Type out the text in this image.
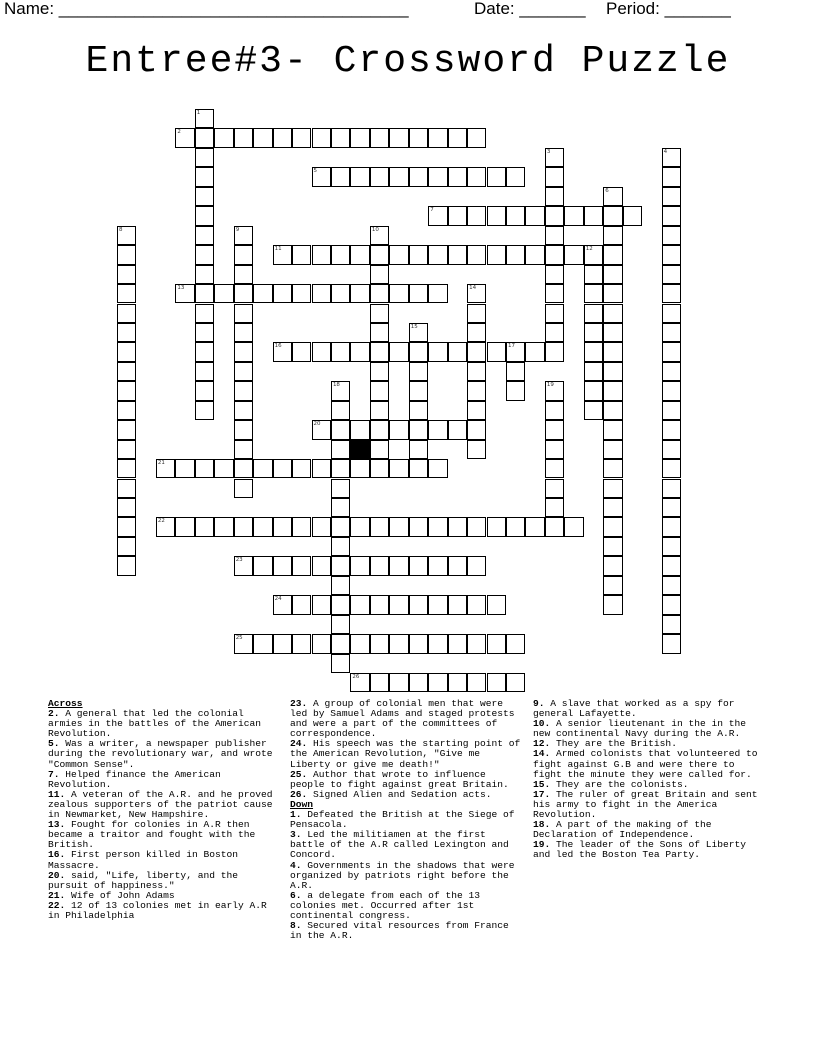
Name: _____________________________________	Date: _______ Period: _______
Entree#3- Crossword Puzzle
1
2
3	4
5
6
7
8	9	10
11	12
13	14
15
16	17
18	19
20
21
22
23
24
25
26

Across

2. A general that led the colonial armies in the battles of the American Revolution.

5. Was a writer, a newspaper publisher during the revolutionary war, and wrote "Common Sense".

7. Helped finance the American Revolution.

11. A veteran of the A.R. and he proved zealous supporters of the patriot cause in Newmarket, New Hampshire.

13. Fought for colonies in A.R then became a traitor and fought with the British.

16. First person killed in Boston Massacre.

20. said, "Life, liberty, and the pursuit of happiness."

21. Wife of John Adams

22. 12 of 13 colonies met in early A.R in Philadelphia

23. A group of colonial men that were led by Samuel Adams and staged protests and were a part of the committees of correspondence.

24. His speech was the starting point of the American Revolution, "Give me Liberty or give me death!"

25. Author that wrote to influence people to fight against great Britain.

26. Signed Alien and Sedation acts.

Down

1. Defeated the British at the Siege of Pensacola.

3. Led the militiamen at the first battle of the A.R called Lexington and Concord.

4. Governments in the shadows that were organized by patriots right before the A.R.

6. a delegate from each of the 13 colonies met. Occurred after 1st continental congress.

8. Secured vital resources from France in the A.R.

9. A slave that worked as a spy for general Lafayette.

10. A senior lieutenant in the in the new continental Navy during the A.R.

12. They are the British.

14. Armed colonists that volunteered to fight against G.B and were there to fight the minute they were called for.

15. They are the colonists.

17. The ruler of great Britain and sent his army to fight in the America Revolution.

18. A part of the making of the Declaration of Independence.

19. The leader of the Sons of Liberty and led the Boston Tea Party.
